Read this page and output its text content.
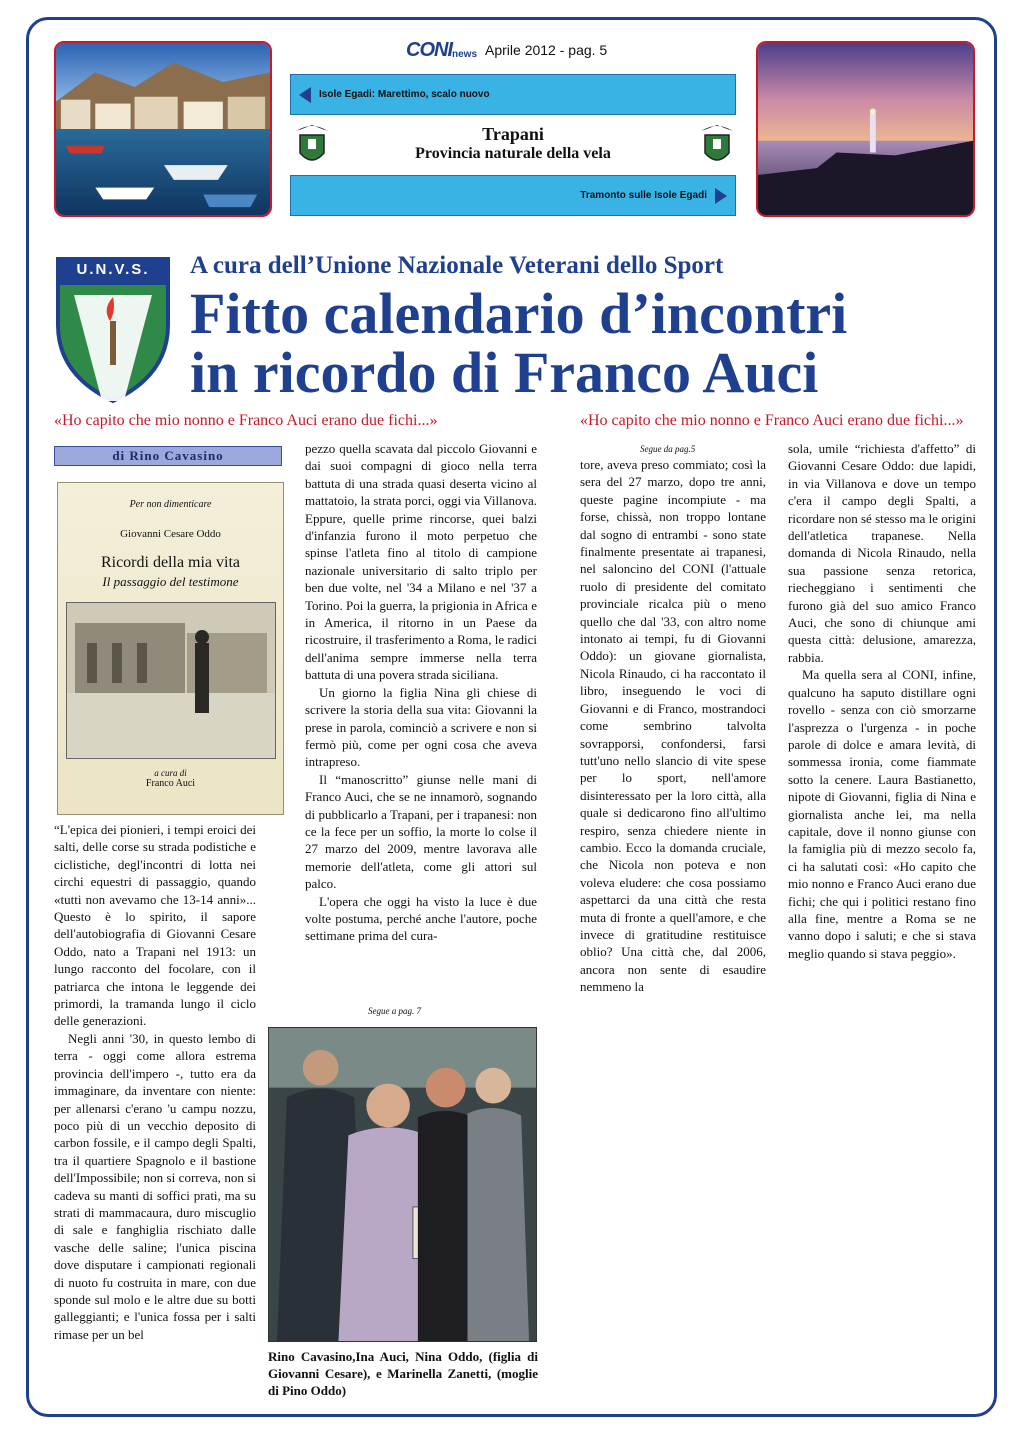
CONI news Aprile 2012 - pag. 5
Isole Egadi: Marettimo, scalo nuovo
Trapani
Provincia naturale della vela
Tramonto sulle Isole Egadi
U.N.V.S.	A cura dell’Unione Nazionale Veterani dello Sport
Fitto calendario d’incontri
in ricordo di Franco Auci
«Ho capito che mio nonno e Franco Auci erano due fichi...»	«Ho capito che mio nonno e Franco Auci erano due fichi...»
di Rino Cavasino
Per non dimenticare
Giovanni Cesare Oddo
Ricordi della mia vita
Il passaggio del testimone
a cura di
Franco Auci

“L'epica dei pionieri, i tempi eroici dei salti, delle corse su strada podistiche e ciclistiche, degl'incontri di lotta nei circhi equestri di passaggio, quando «tutti non avevamo che 13-14 anni»... Questo è lo spirito, il sapore dell'autobiografia di Giovanni Cesare Oddo, nato a Trapani nel 1913: un lungo racconto del focolare, con il patriarca che intona le leggende dei primordi, la tramanda lungo il ciclo delle generazioni.

Negli anni '30, in questo lembo di terra - oggi come allora estrema provincia dell'impero -, tutto era da immaginare, da inventare con niente: per allenarsi c'erano 'u campu nozzu, poco più di un vecchio deposito di carbon fossile, e il campo degli Spalti, tra il quartiere Spagnolo e il bastione dell'Impossibile; non si correva, non si cadeva su manti di soffici prati, ma su strati di mammacaura, duro miscuglio di sale e fanghiglia rischiato dalle vasche delle saline; l'unica piscina dove disputare i campionati regionali di nuoto fu costruita in mare, con due sponde sul molo e le altre due su botti galleggianti; e l'unica fossa per i salti rimase per un bel

pezzo quella scavata dal piccolo Giovanni e dai suoi compagni di gioco nella terra battuta di una strada quasi deserta vicino al mattatoio, la strata porci, oggi via Villanova. Eppure, quelle prime rincorse, quei balzi d'infanzia furono il moto perpetuo che spinse l'atleta fino al titolo di campione nazionale universitario di salto triplo per ben due volte, nel '34 a Milano e nel '37 a Torino. Poi la guerra, la prigionia in Africa e in America, il ritorno in un Paese da ricostruire, il trasferimento a Roma, le radici dell'anima sempre immerse nella terra battuta di una povera strada siciliana.

Un giorno la figlia Nina gli chiese di scrivere la storia della sua vita: Giovanni la prese in parola, cominciò a scrivere e non si fermò più, come per ogni cosa che aveva intrapreso.

Il “manoscritto” giunse nelle mani di Franco Auci, che se ne innamorò, sognando di pubblicarlo a Trapani, per i trapanesi: non ce la fece per un soffio, la morte lo colse il 27 marzo del 2009, mentre lavorava alle memorie dell'atleta, come gli attori sul palco.

L'opera che oggi ha visto la luce è due volte postuma, perché anche l'autore, poche settimane prima del cura-

Segue a pag. 7
Rino Cavasino,Ina Auci, Nina Oddo, (figlia di Giovanni Cesare), e Marinella Zanetti, (moglie di Pino Oddo)
Segue da pag.5

tore, aveva preso commiato; così la sera del 27 marzo, dopo tre anni, queste pagine incompiute - ma forse, chissà, non troppo lontane dal sogno di entrambi - sono state finalmente presentate ai trapanesi, nel saloncino del CONI (l'attuale ruolo di presidente del comitato provinciale ricalca più o meno quello che dal '33, con altro nome intonato ai tempi, fu di Giovanni Oddo): un giovane giornalista, Nicola Rinaudo, ci ha raccontato il libro, inseguendo le voci di Giovanni e di Franco, mostrandoci come sembrino talvolta sovrapporsi, confondersi, farsi tutt'uno nello slancio di vite spese per lo sport, nell'amore disinteressato per la loro città, alla quale si dedicarono fino all'ultimo respiro, senza chiedere niente in cambio. Ecco la domanda cruciale, che Nicola non poteva e non voleva eludere: che cosa possiamo aspettarci da una città che resta muta di fronte a quell'amore, e che invece di gratitudine restituisce oblio? Una città che, dal 2006, ancora non sente di esaudire nemmeno la

sola, umile “richiesta d'affetto” di Giovanni Cesare Oddo: due lapidi, in via Villanova e dove un tempo c'era il campo degli Spalti, a ricordare non sé stesso ma le origini dell'atletica trapanese. Nella domanda di Nicola Rinaudo, nella sua passione senza retorica, riecheggiano i sentimenti che furono già del suo amico Franco Auci, che sono di chiunque ami questa città: delusione, amarezza, rabbia.

Ma quella sera al CONI, infine, qualcuno ha saputo distillare ogni rovello - senza con ciò smorzarne l'asprezza o l'urgenza - in poche parole di dolce e amara levità, di sommessa ironia, come fiammate sotto la cenere. Laura Bastianetto, nipote di Giovanni, figlia di Nina e giornalista anche lei, ma nella capitale, dove il nonno giunse con la famiglia più di mezzo secolo fa, ci ha salutati così: «Ho capito che mio nonno e Franco Auci erano due fichi; che qui i politici restano fino alla fine, mentre a Roma se ne vanno dopo i saluti; e che si stava meglio quando si stava peggio».
